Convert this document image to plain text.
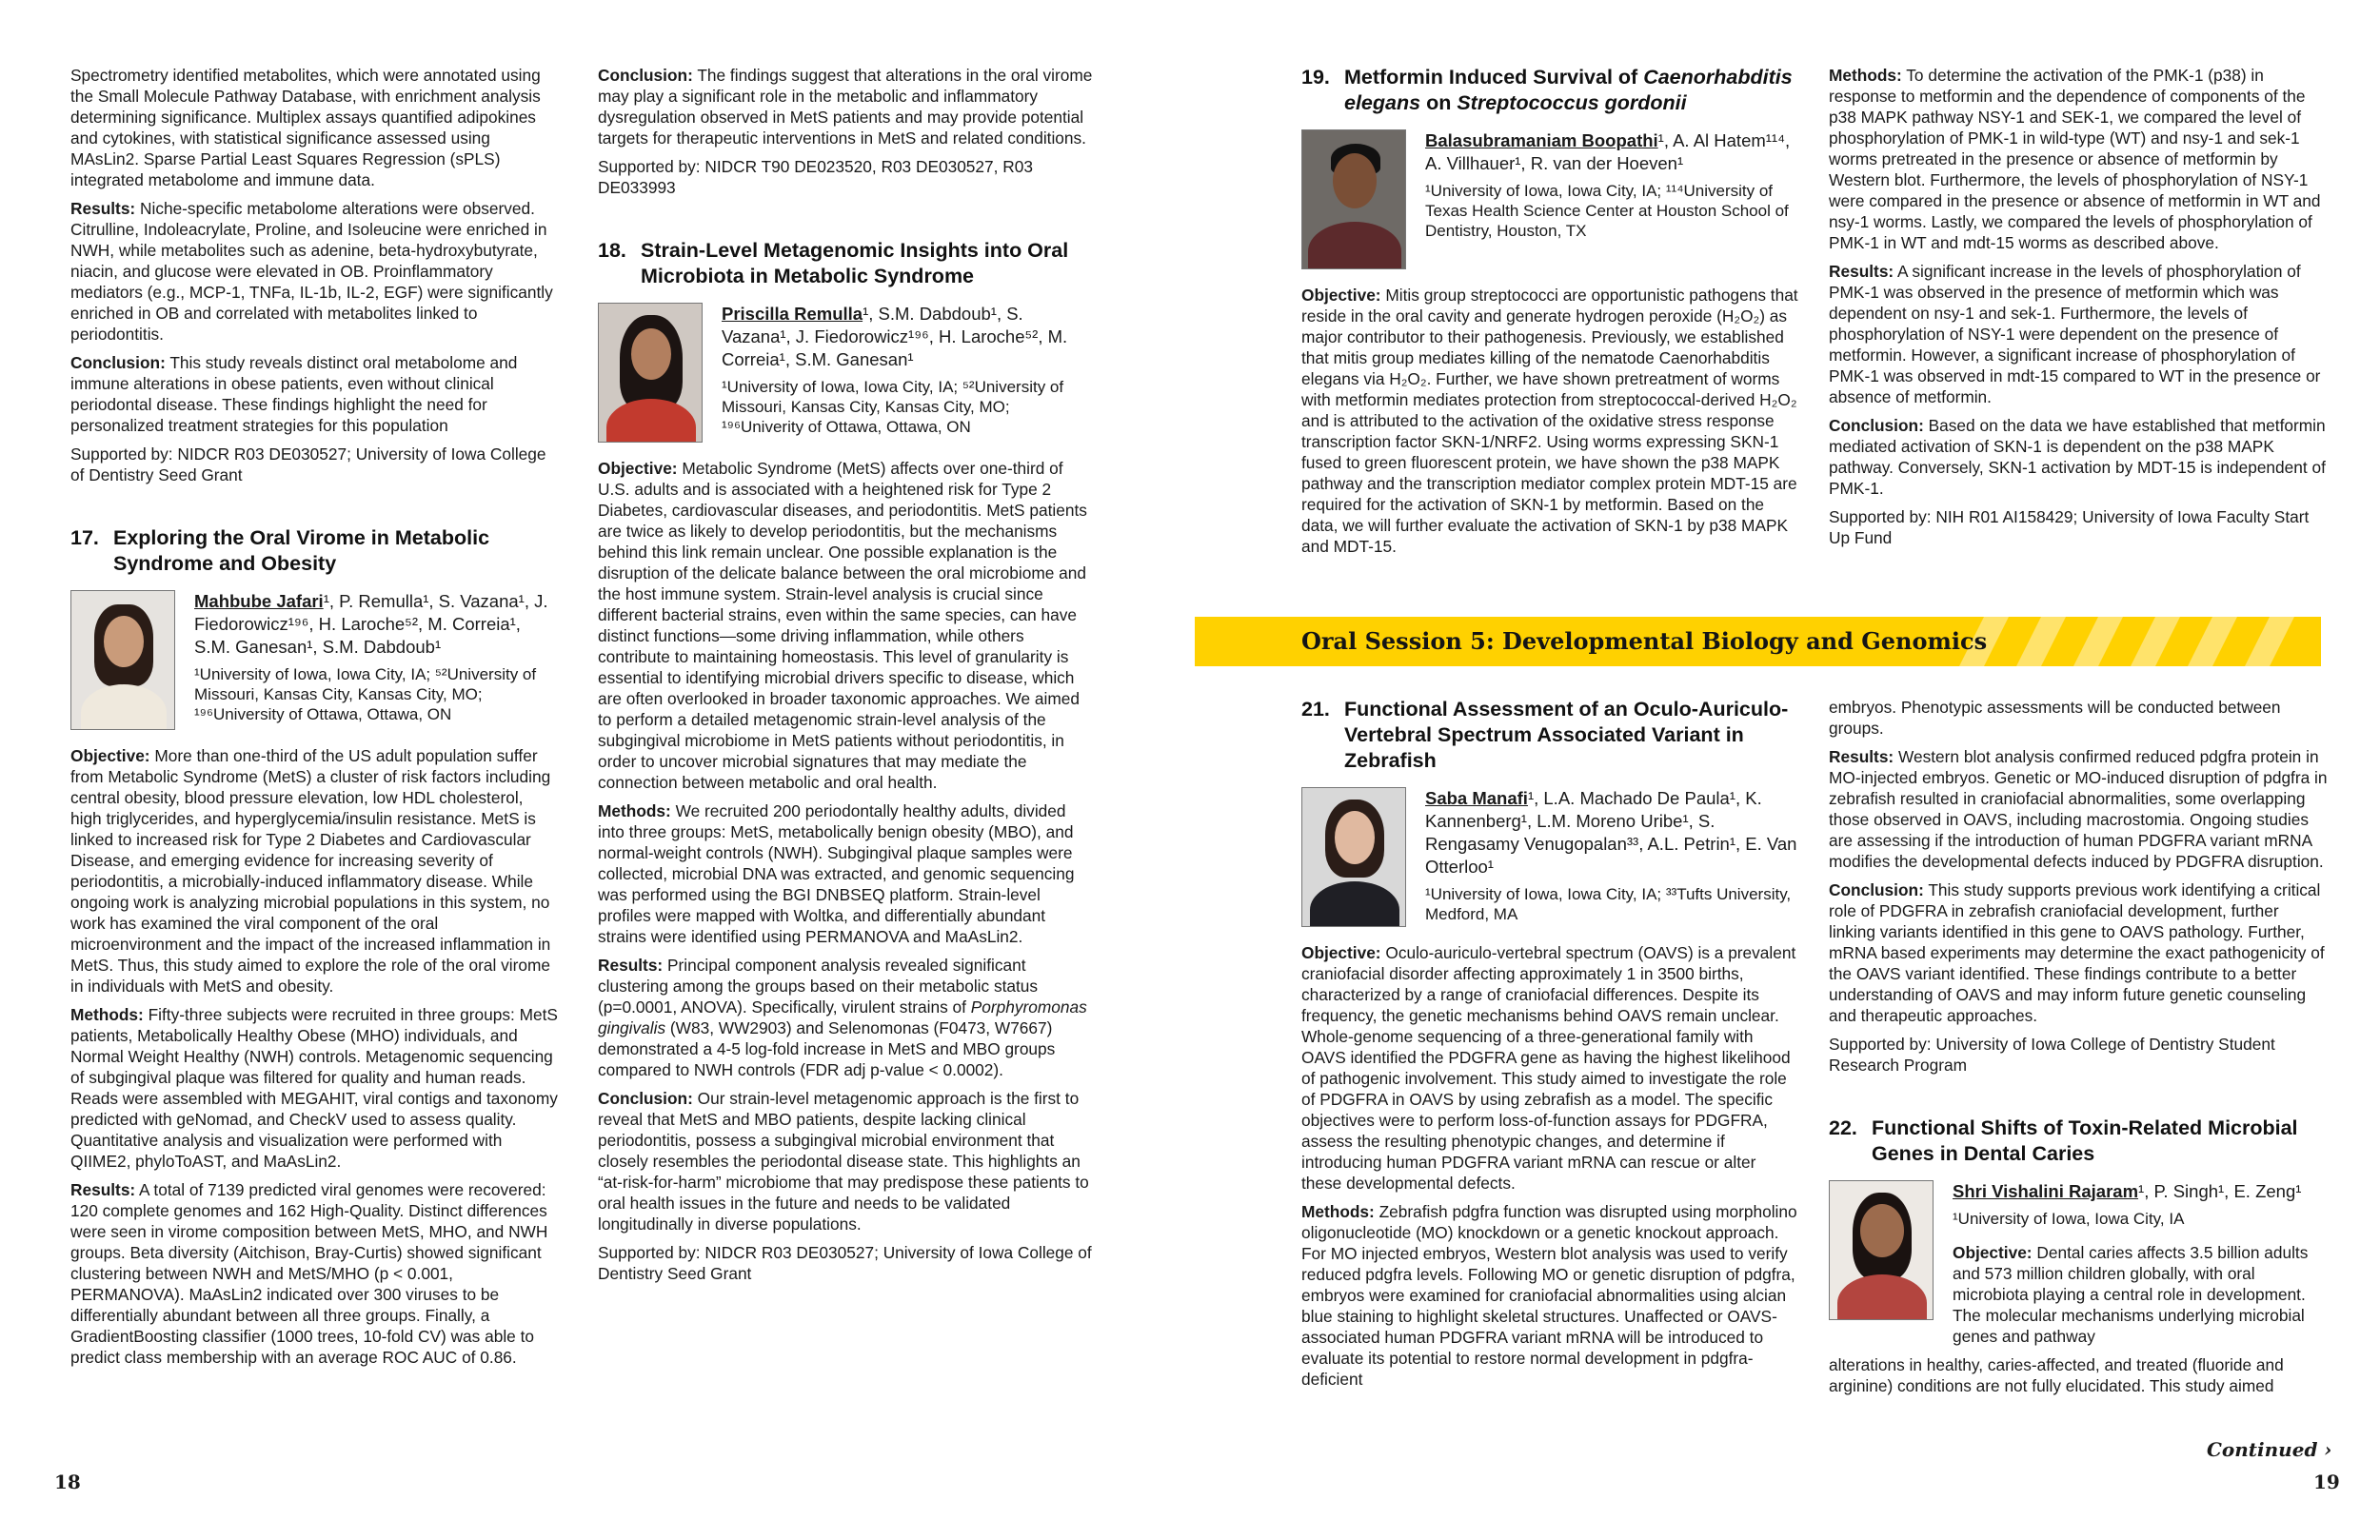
Spectrometry identified metabolites, which were annotated using the Small Molecule Pathway Database, with enrichment analysis determining significance. Multiplex assays quantified adipokines and cytokines, with statistical significance assessed using MAsLin2. Sparse Partial Least Squares Regression (sPLS) integrated metabolome and immune data.

Results: Niche-specific metabolome alterations were observed. Citrulline, Indoleacrylate, Proline, and Isoleucine were enriched in NWH, while metabolites such as adenine, beta-hydroxybutyrate, niacin, and glucose were elevated in OB. Proinflammatory mediators (e.g., MCP-1, TNFa, IL-1b, IL-2, EGF) were significantly enriched in OB and correlated with metabolites linked to periodontitis.

Conclusion: This study reveals distinct oral metabolome and immune alterations in obese patients, even without clinical periodontal disease. These findings highlight the need for personalized treatment strategies for this population

Supported by: NIDCR R03 DE030527; University of Iowa College of Dentistry Seed Grant

17. Exploring the Oral Virome in Metabolic Syndrome and Obesity
Mahbube Jafari¹, P. Remulla¹, S. Vazana¹, J. Fiedorowicz¹⁹⁶, H. Laroche⁵², M. Correia¹, S.M. Ganesan¹, S.M. Dabdoub¹
¹University of Iowa, Iowa City, IA; ⁵²University of Missouri, Kansas City, Kansas City, MO; ¹⁹⁶University of Ottawa, Ottawa, ON

Objective: More than one-third of the US adult population suffer from Metabolic Syndrome (MetS) a cluster of risk factors including central obesity, blood pressure elevation, low HDL cholesterol, high triglycerides, and hyperglycemia/insulin resistance. MetS is linked to increased risk for Type 2 Diabetes and Cardiovascular Disease, and emerging evidence for increasing severity of periodontitis, a microbially-induced inflammatory disease. While ongoing work is analyzing microbial populations in this system, no work has examined the viral component of the oral microenvironment and the impact of the increased inflammation in MetS. Thus, this study aimed to explore the role of the oral virome in individuals with MetS and obesity.

Methods: Fifty-three subjects were recruited in three groups: MetS patients, Metabolically Healthy Obese (MHO) individuals, and Normal Weight Healthy (NWH) controls. Metagenomic sequencing of subgingival plaque was filtered for quality and human reads. Reads were assembled with MEGAHIT, viral contigs and taxonomy predicted with geNomad, and CheckV used to assess quality. Quantitative analysis and visualization were performed with QIIME2, phyloToAST, and MaAsLin2.

Results: A total of 7139 predicted viral genomes were recovered: 120 complete genomes and 162 High-Quality. Distinct differences were seen in virome composition between MetS, MHO, and NWH groups. Beta diversity (Aitchison, Bray-Curtis) showed significant clustering between NWH and MetS/MHO (p < 0.001, PERMANOVA). MaAsLin2 indicated over 300 viruses to be differentially abundant between all three groups. Finally, a GradientBoosting classifier (1000 trees, 10-fold CV) was able to predict class membership with an average ROC AUC of 0.86.

Conclusion: The findings suggest that alterations in the oral virome may play a significant role in the metabolic and inflammatory dysregulation observed in MetS patients and may provide potential targets for therapeutic interventions in MetS and related conditions.

Supported by: NIDCR T90 DE023520, R03 DE030527, R03 DE033993

18. Strain-Level Metagenomic Insights into Oral Microbiota in Metabolic Syndrome
Priscilla Remulla¹, S.M. Dabdoub¹, S. Vazana¹, J. Fiedorowicz¹⁹⁶, H. Laroche⁵², M. Correia¹, S.M. Ganesan¹
¹University of Iowa, Iowa City, IA; ⁵²University of Missouri, Kansas City, Kansas City, MO; ¹⁹⁶Univerity of Ottawa, Ottawa, ON

Objective: Metabolic Syndrome (MetS) affects over one-third of U.S. adults and is associated with a heightened risk for Type 2 Diabetes, cardiovascular diseases, and periodontitis. MetS patients are twice as likely to develop periodontitis, but the mechanisms behind this link remain unclear. One possible explanation is the disruption of the delicate balance between the oral microbiome and the host immune system. Strain-level analysis is crucial since different bacterial strains, even within the same species, can have distinct functions—some driving inflammation, while others contribute to maintaining homeostasis. This level of granularity is essential to identifying microbial drivers specific to disease, which are often overlooked in broader taxonomic approaches. We aimed to perform a detailed metagenomic strain-level analysis of the subgingival microbiome in MetS patients without periodontitis, in order to uncover microbial signatures that may mediate the connection between metabolic and oral health.

Methods: We recruited 200 periodontally healthy adults, divided into three groups: MetS, metabolically benign obesity (MBO), and normal-weight controls (NWH). Subgingival plaque samples were collected, microbial DNA was extracted, and genomic sequencing was performed using the BGI DNBSEQ platform. Strain-level profiles were mapped with Woltka, and differentially abundant strains were identified using PERMANOVA and MaAsLin2.

Results: Principal component analysis revealed significant clustering among the groups based on their metabolic status (p=0.0001, ANOVA). Specifically, virulent strains of Porphyromonas gingivalis (W83, WW2903) and Selenomonas (F0473, W7667) demonstrated a 4-5 log-fold increase in MetS and MBO groups compared to NWH controls (FDR adj p-value < 0.0002).

Conclusion: Our strain-level metagenomic approach is the first to reveal that MetS and MBO patients, despite lacking clinical periodontitis, possess a subgingival microbial environment that closely resembles the periodontal disease state. This highlights an “at-risk-for-harm” microbiome that may predispose these patients to oral health issues in the future and needs to be validated longitudinally in diverse populations.

Supported by: NIDCR R03 DE030527; University of Iowa College of Dentistry Seed Grant

19. Metformin Induced Survival of Caenorhabditis elegans on Streptococcus gordonii
Balasubramaniam Boopathi¹, A. Al Hatem¹¹⁴, A. Villhauer¹, R. van der Hoeven¹
¹University of Iowa, Iowa City, IA; ¹¹⁴University of Texas Health Science Center at Houston School of Dentistry, Houston, TX

Objective: Mitis group streptococci are opportunistic pathogens that reside in the oral cavity and generate hydrogen peroxide (H₂O₂) as major contributor to their pathogenesis. Previously, we established that mitis group mediates killing of the nematode Caenorhabditis elegans via H₂O₂. Further, we have shown pretreatment of worms with metformin mediates protection from streptococcal-derived H₂O₂ and is attributed to the activation of the oxidative stress response transcription factor SKN-1/NRF2. Using worms expressing SKN-1 fused to green fluorescent protein, we have shown the p38 MAPK pathway and the transcription mediator complex protein MDT-15 are required for the activation of SKN-1 by metformin. Based on the data, we will further evaluate the activation of SKN-1 by p38 MAPK and MDT-15.

Methods: To determine the activation of the PMK-1 (p38) in response to metformin and the dependence of components of the p38 MAPK pathway NSY-1 and SEK-1, we compared the level of phosphorylation of PMK-1 in wild-type (WT) and nsy-1 and sek-1 worms pretreated in the presence or absence of metformin by Western blot. Furthermore, the levels of phosphorylation of NSY-1 were compared in the presence or absence of metformin in WT and nsy-1 worms. Lastly, we compared the levels of phosphorylation of PMK-1 in WT and mdt-15 worms as described above.

Results: A significant increase in the levels of phosphorylation of PMK-1 was observed in the presence of metformin which was dependent on nsy-1 and sek-1. Furthermore, the levels of phosphorylation of NSY-1 were dependent on the presence of metformin. However, a significant increase of phosphorylation of PMK-1 was observed in mdt-15 compared to WT in the presence or absence of metformin.

Conclusion: Based on the data we have established that metformin mediated activation of SKN-1 is dependent on the p38 MAPK pathway. Conversely, SKN-1 activation by MDT-15 is independent of PMK-1.

Supported by: NIH R01 AI158429; University of Iowa Faculty Start Up Fund

Oral Session 5: Developmental Biology and Genomics
21. Functional Assessment of an Oculo-Auriculo-Vertebral Spectrum Associated Variant in Zebrafish
Saba Manafi¹, L.A. Machado De Paula¹, K. Kannenberg¹, L.M. Moreno Uribe¹, S. Rengasamy Venugopalan³³, A.L. Petrin¹, E. Van Otterloo¹
¹University of Iowa, Iowa City, IA; ³³Tufts University, Medford, MA

Objective: Oculo-auriculo-vertebral spectrum (OAVS) is a prevalent craniofacial disorder affecting approximately 1 in 3500 births, characterized by a range of craniofacial differences. Despite its frequency, the genetic mechanisms behind OAVS remain unclear. Whole-genome sequencing of a three-generational family with OAVS identified the PDGFRA gene as having the highest likelihood of pathogenic involvement. This study aimed to investigate the role of PDGFRA in OAVS by using zebrafish as a model. The specific objectives were to perform loss-of-function assays for PDGFRA, assess the resulting phenotypic changes, and determine if introducing human PDGFRA variant mRNA can rescue or alter these developmental defects.

Methods: Zebrafish pdgfra function was disrupted using morpholino oligonucleotide (MO) knockdown or a genetic knockout approach. For MO injected embryos, Western blot analysis was used to verify reduced pdgfra levels. Following MO or genetic disruption of pdgfra, embryos were examined for craniofacial abnormalities using alcian blue staining to highlight skeletal structures. Unaffected or OAVS-associated human PDGFRA variant mRNA will be introduced to evaluate its potential to restore normal development in pdgfra-deficient

embryos. Phenotypic assessments will be conducted between groups.

Results: Western blot analysis confirmed reduced pdgfra protein in MO-injected embryos. Genetic or MO-induced disruption of pdgfra in zebrafish resulted in craniofacial abnormalities, some overlapping those observed in OAVS, including macrostomia. Ongoing studies are assessing if the introduction of human PDGFRA variant mRNA modifies the developmental defects induced by PDGFRA disruption.

Conclusion: This study supports previous work identifying a critical role of PDGFRA in zebrafish craniofacial development, further linking variants identified in this gene to OAVS pathology. Further, mRNA based experiments may determine the exact pathogenicity of the OAVS variant identified. These findings contribute to a better understanding of OAVS and may inform future genetic counseling and therapeutic approaches.

Supported by: University of Iowa College of Dentistry Student Research Program

22. Functional Shifts of Toxin-Related Microbial Genes in Dental Caries
Shri Vishalini Rajaram¹, P. Singh¹, E. Zeng¹
¹University of Iowa, Iowa City, IA

Objective: Dental caries affects 3.5 billion adults and 573 million children globally, with oral microbiota playing a central role in development. The molecular mechanisms underlying microbial genes and pathway

alterations in healthy, caries-affected, and treated (fluoride and arginine) conditions are not fully elucidated. This study aimed

Continued ›
18	19
